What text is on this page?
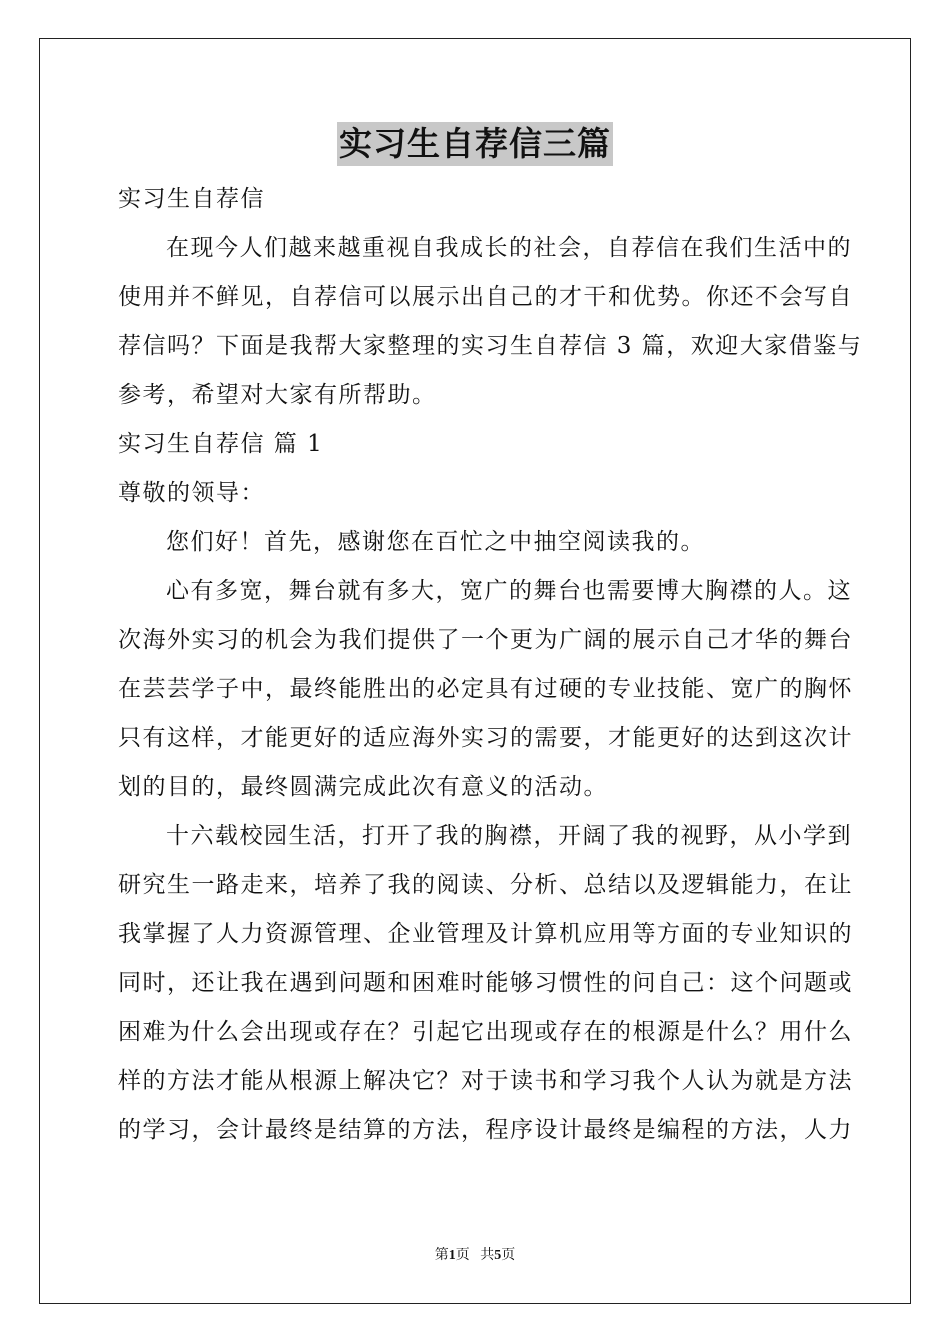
实习生自荐信三篇
实习生自荐信
在现今人们越来越重视自我成长的社会，自荐信在我们生活中的
使用并不鲜见，自荐信可以展示出自己的才干和优势。你还不会写自
荐信吗？下面是我帮大家整理的实习生自荐信 3 篇，欢迎大家借鉴与
参考，希望对大家有所帮助。
实习生自荐信 篇 1
尊敬的领导：
您们好！首先，感谢您在百忙之中抽空阅读我的。
心有多宽，舞台就有多大，宽广的舞台也需要博大胸襟的人。这
次海外实习的机会为我们提供了一个更为广阔的展示自己才华的舞台
在芸芸学子中，最终能胜出的必定具有过硬的专业技能、宽广的胸怀
只有这样，才能更好的适应海外实习的需要，才能更好的达到这次计
划的目的，最终圆满完成此次有意义的活动。
十六载校园生活，打开了我的胸襟，开阔了我的视野，从小学到
研究生一路走来，培养了我的阅读、分析、总结以及逻辑能力，在让
我掌握了人力资源管理、企业管理及计算机应用等方面的专业知识的
同时，还让我在遇到问题和困难时能够习惯性的问自己：这个问题或
困难为什么会出现或存在？引起它出现或存在的根源是什么？用什么
样的方法才能从根源上解决它？对于读书和学习我个人认为就是方法
的学习，会计最终是结算的方法，程序设计最终是编程的方法，人力
第1页 共5页
